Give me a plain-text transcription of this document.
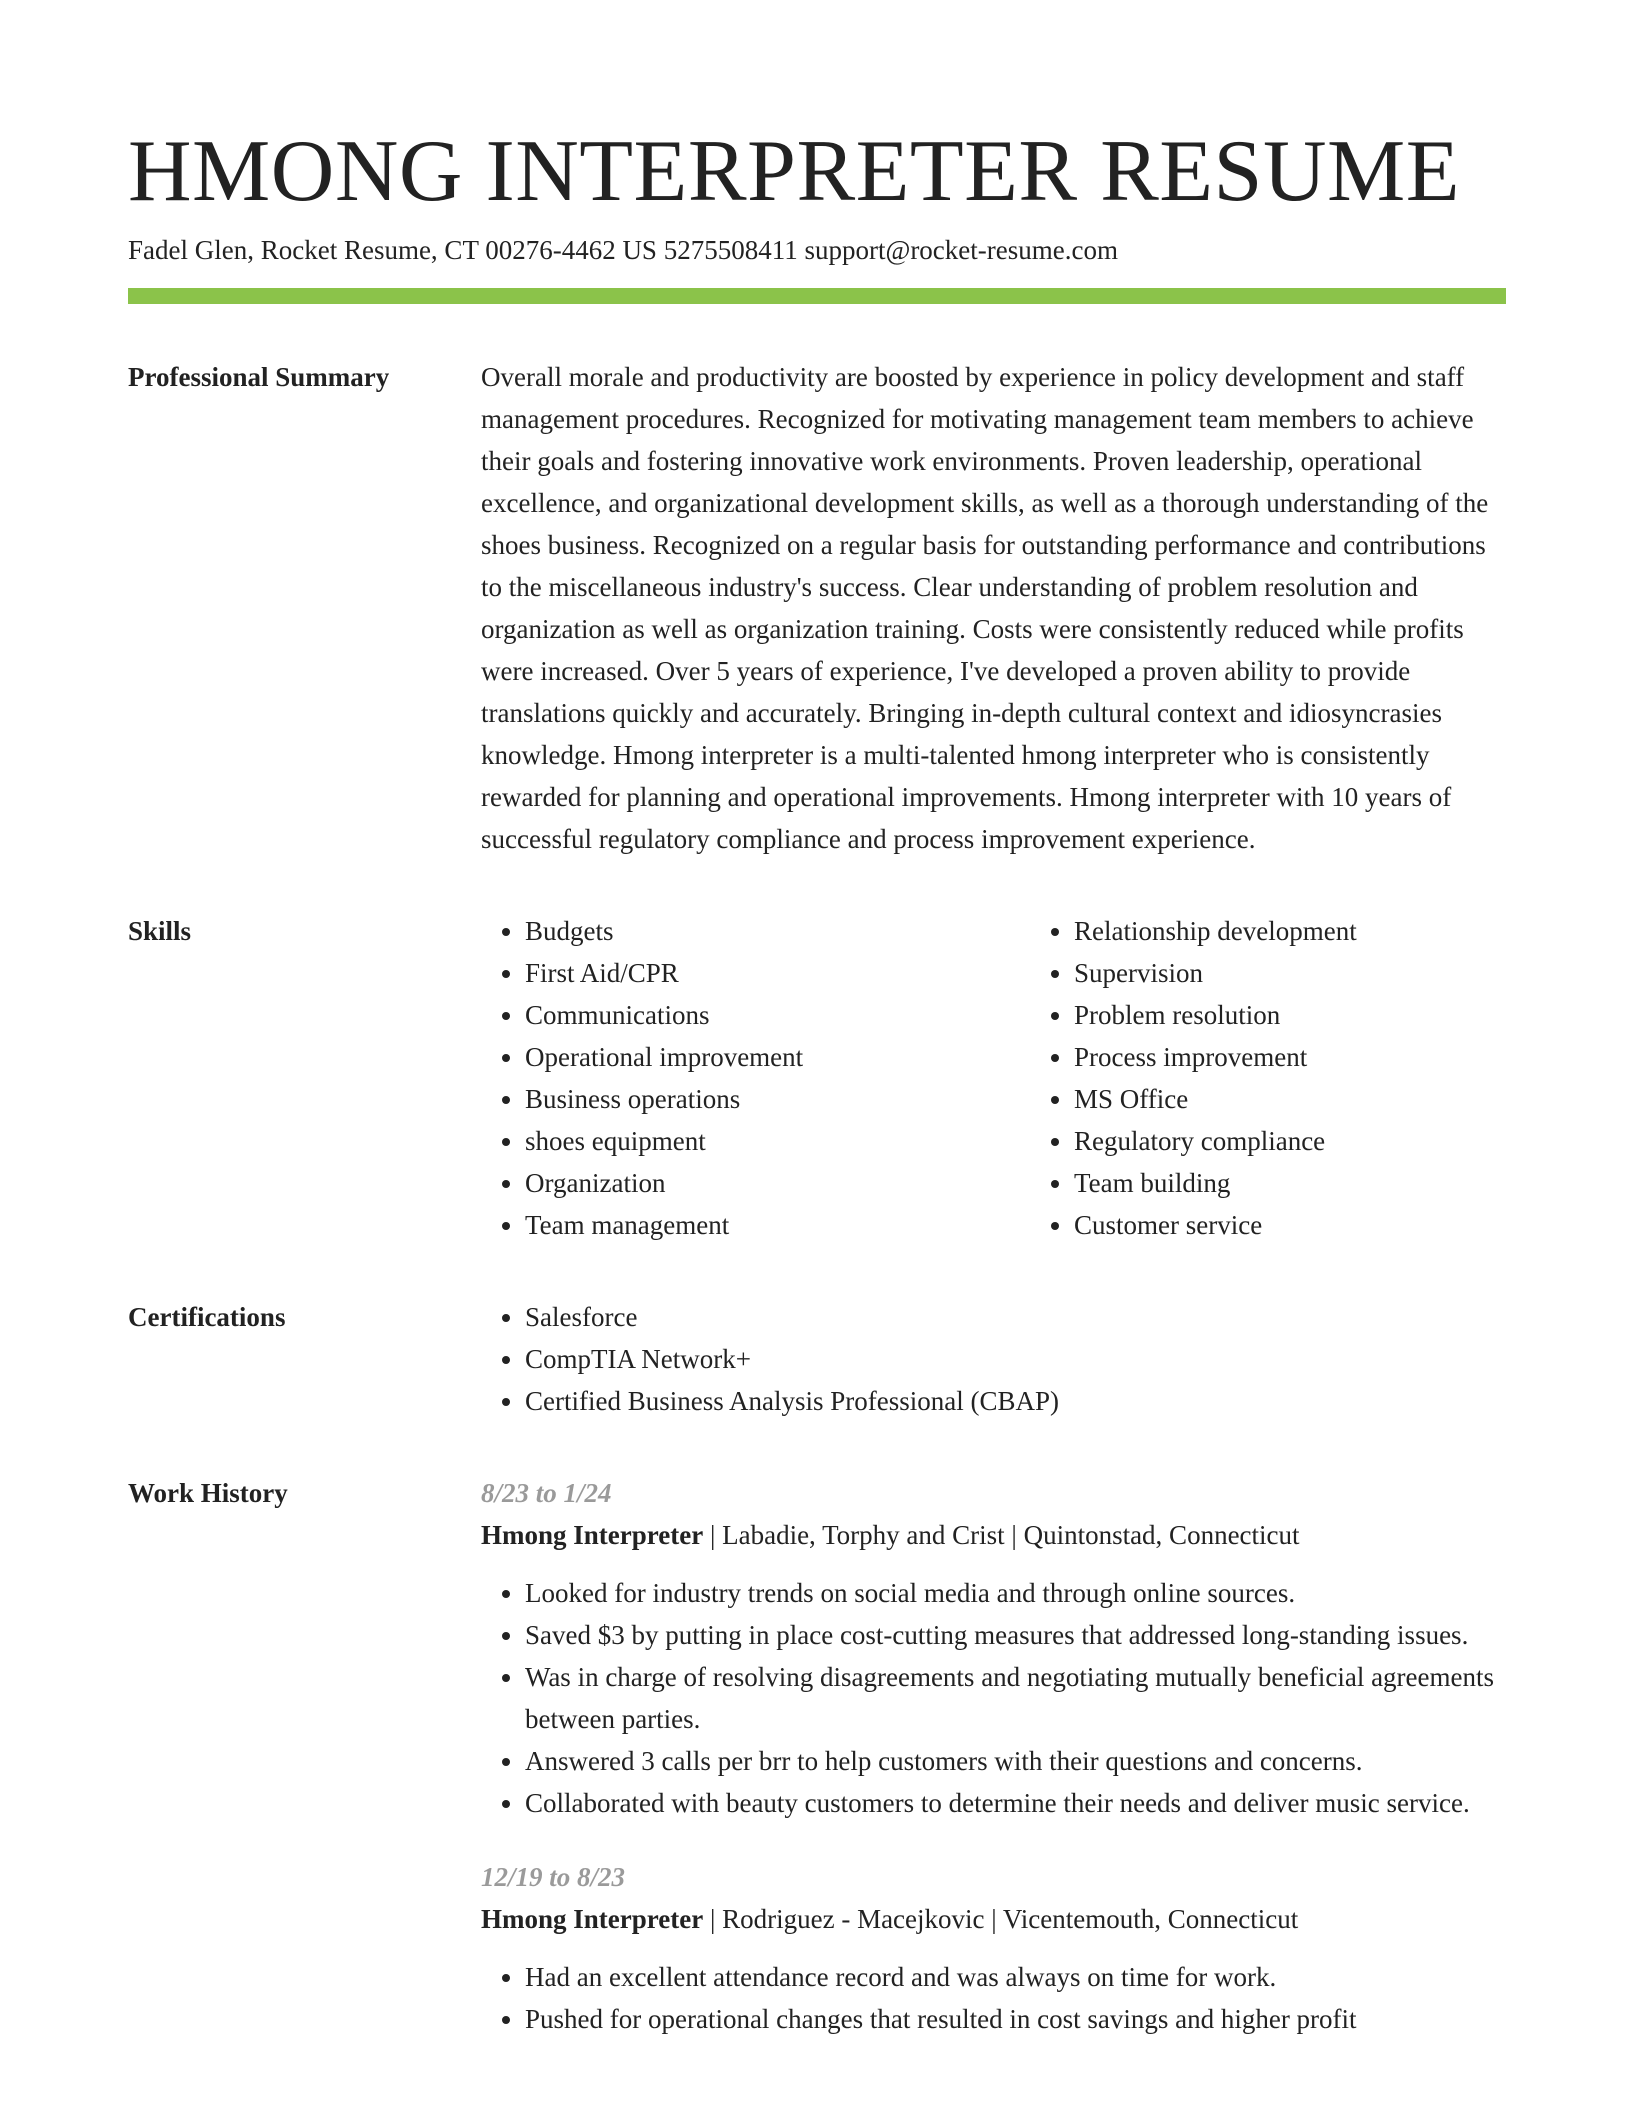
HMONG INTERPRETER RESUME
Fadel Glen, Rocket Resume, CT 00276-4462 US 5275508411 support@rocket-resume.com
Professional Summary	Overall morale and productivity are boosted by experience in policy development and staff management procedures. Recognized for motivating management team members to achieve their goals and fostering innovative work environments. Proven leadership, operational excellence, and organizational development skills, as well as a thorough understanding of the shoes business. Recognized on a regular basis for outstanding performance and contributions to the miscellaneous industry's success. Clear understanding of problem resolution and organization as well as organization training. Costs were consistently reduced while profits were increased. Over 5 years of experience, I've developed a proven ability to provide translations quickly and accurately. Bringing in-depth cultural context and idiosyncrasies knowledge. Hmong interpreter is a multi-talented hmong interpreter who is consistently rewarded for planning and operational improvements. Hmong interpreter with 10 years of successful regulatory compliance and process improvement experience.

Skills	• Budgets
• First Aid/CPR
• Communications
• Operational improvement
• Business operations
• shoes equipment
• Organization
• Team management
• Relationship development
• Supervision
• Problem resolution
• Process improvement
• MS Office
• Regulatory compliance
• Team building
• Customer service
Certifications	• Salesforce
• CompTIA Network+
• Certified Business Analysis Professional (CBAP)
Work History	8/23 to 1/24
Hmong Interpreter | Labadie, Torphy and Crist | Quintonstad, Connecticut
• Looked for industry trends on social media and through online sources.
• Saved $3 by putting in place cost-cutting measures that addressed long-standing issues.
• Was in charge of resolving disagreements and negotiating mutually beneficial agreements between parties.
• Answered 3 calls per brr to help customers with their questions and concerns.
• Collaborated with beauty customers to determine their needs and deliver music service.
12/19 to 8/23
Hmong Interpreter | Rodriguez - Macejkovic | Vicentemouth, Connecticut
• Had an excellent attendance record and was always on time for work.
• Pushed for operational changes that resulted in cost savings and higher profit
